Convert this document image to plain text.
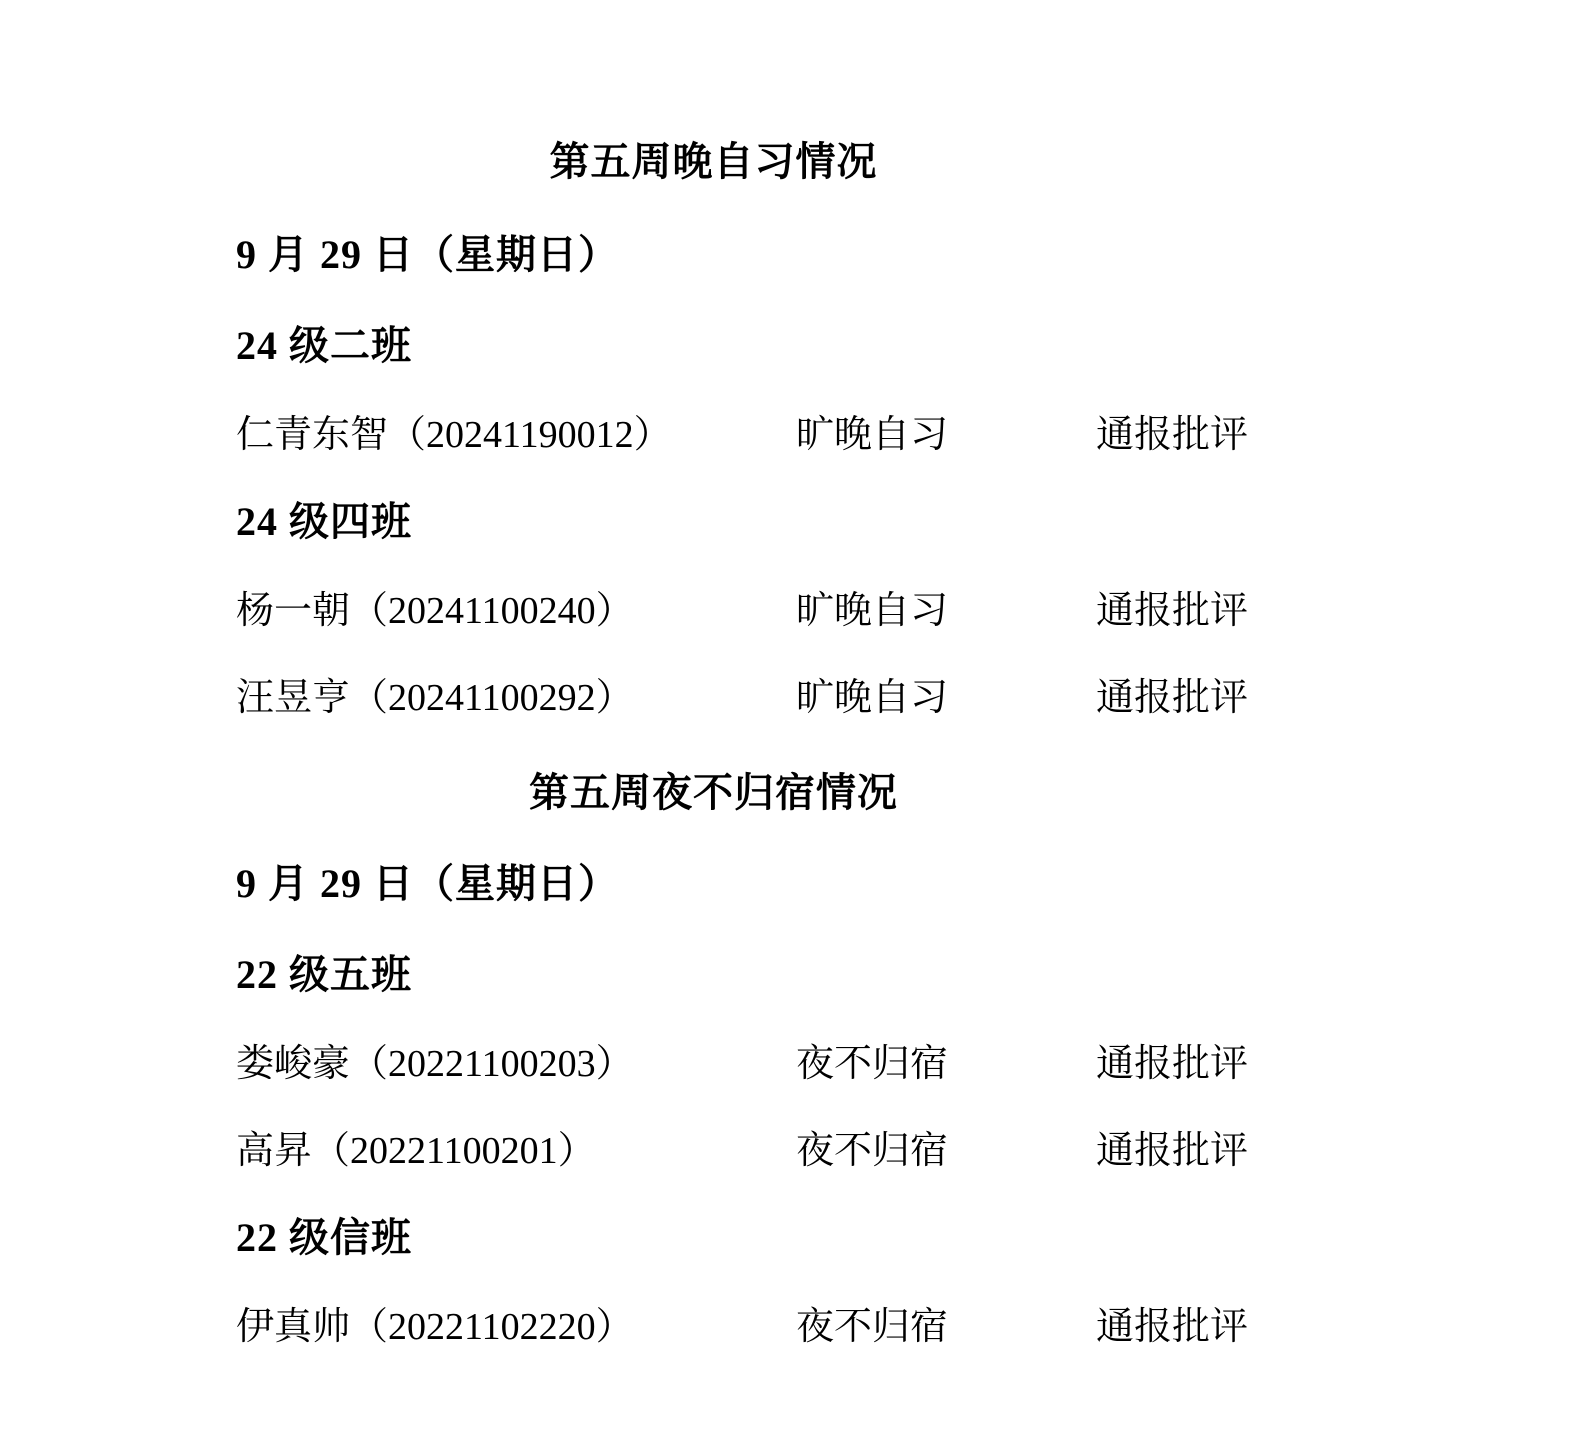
第五周晚自习情况
9 月 29 日（星期日）
24 级二班
仁青东智（20241190012）	旷晚自习	通报批评
24 级四班
杨一朝（20241100240）	旷晚自习	通报批评
汪昱亨（20241100292）	旷晚自习	通报批评
第五周夜不归宿情况
9 月 29 日（星期日）
22 级五班
娄峻豪（20221100203）	夜不归宿	通报批评
高昇（20221100201）	夜不归宿	通报批评
22 级信班
伊真帅（20221102220）	夜不归宿	通报批评
